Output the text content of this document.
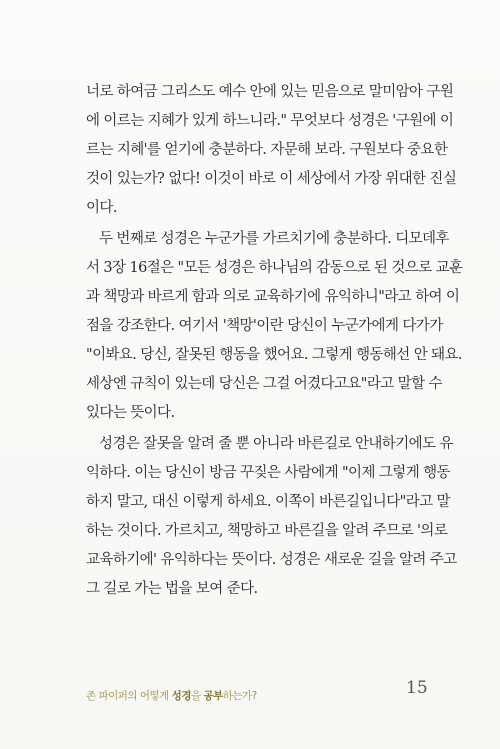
너로 하여금 그리스도 예수 안에 있는 믿음으로 말미암아 구원
에 이르는 지혜가 있게 하느니라." 무엇보다 성경은 '구원에 이
르는 지혜'를 얻기에 충분하다. 자문해 보라. 구원보다 중요한
것이 있는가? 없다! 이것이 바로 이 세상에서 가장 위대한 진실
이다.
두 번째로 성경은 누군가를 가르치기에 충분하다. 디모데후
서 3장 16절은 "모든 성경은 하나님의 감동으로 된 것으로 교훈
과 책망과 바르게 함과 의로 교육하기에 유익하니"라고 하여 이
점을 강조한다. 여기서 '책망'이란 당신이 누군가에게 다가가
"이봐요. 당신, 잘못된 행동을 했어요. 그렇게 행동해선 안 돼요.
세상엔 규칙이 있는데 당신은 그걸 어겼다고요"라고 말할 수
있다는 뜻이다.
성경은 잘못을 알려 줄 뿐 아니라 바른길로 안내하기에도 유
익하다. 이는 당신이 방금 꾸짖은 사람에게 "이제 그렇게 행동
하지 말고, 대신 이렇게 하세요. 이쪽이 바른길입니다"라고 말
하는 것이다. 가르치고, 책망하고 바른길을 알려 주므로 '의로
교육하기에' 유익하다는 뜻이다. 성경은 새로운 길을 알려 주고
그 길로 가는 법을 보여 준다.
존 파이퍼의 어떻게 성경을 공부하는가?	15
